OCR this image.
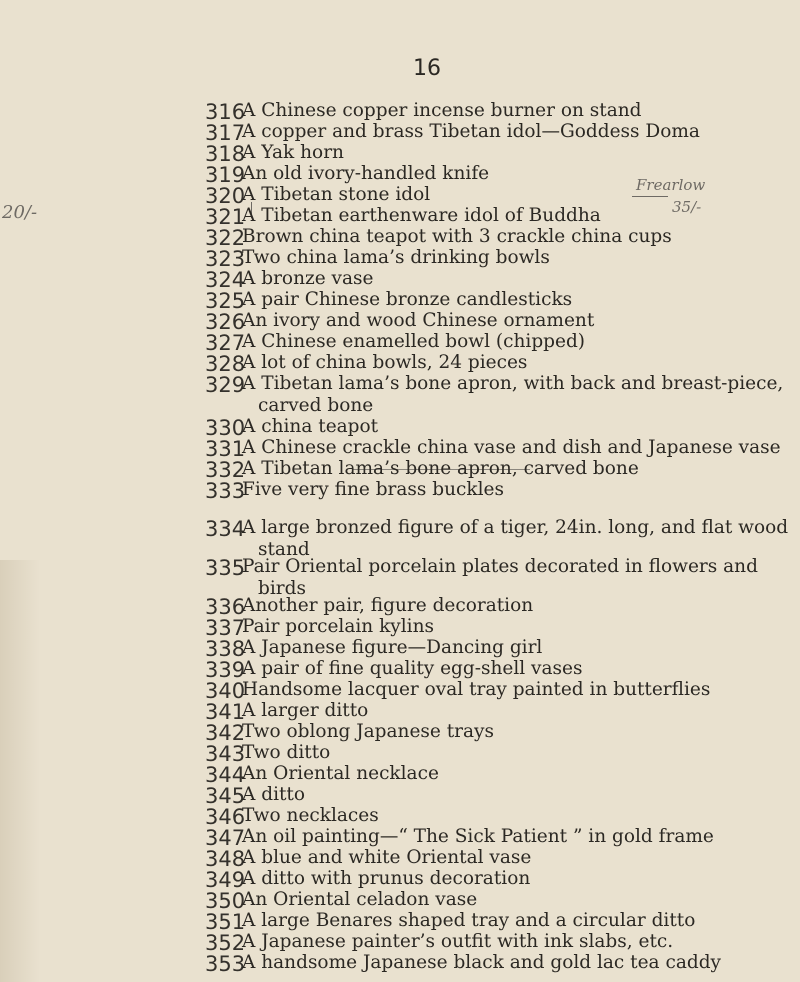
16
20/-
Frearlow
35/-
316
A Chinese copper incense burner on stand
317
A copper and brass Tibetan idol—Goddess Doma
318
A Yak horn
319
An old ivory-handled knife
320
A Tibetan stone idol
321
A Tibetan earthenware idol of Buddha
322
Brown china teapot with 3 crackle china cups
323
Two china lama’s drinking bowls
324
A bronze vase
325
A pair Chinese bronze candlesticks
326
An ivory and wood Chinese ornament
327
A Chinese enamelled bowl (chipped)
328
A lot of china bowls, 24 pieces
329
A Tibetan lama’s bone apron, with back and breast-piece,
carved bone
330
A china teapot
331
A Chinese crackle china vase and dish and Japanese vase
332
A Tibetan lama’s bone apron, carved bone
333
Five very fine brass buckles
334
A large bronzed figure of a tiger, 24in. long, and flat wood
stand
335
Pair Oriental porcelain plates decorated in flowers and
birds
336
Another pair, figure decoration
337
Pair porcelain kylins
338
A Japanese figure—Dancing girl
339
A pair of fine quality egg-shell vases
340
Handsome lacquer oval tray painted in butterflies
341
A larger ditto
342
Two oblong Japanese trays
343
Two ditto
344
An Oriental necklace
345
A ditto
346
Two necklaces
347
An oil painting—“ The Sick Patient ” in gold frame
348
A blue and white Oriental vase
349
A ditto with prunus decoration
350
An Oriental celadon vase
351
A large Benares shaped tray and a circular ditto
352
A Japanese painter’s outfit with ink slabs, etc.
353
A handsome Japanese black and gold lac tea caddy
